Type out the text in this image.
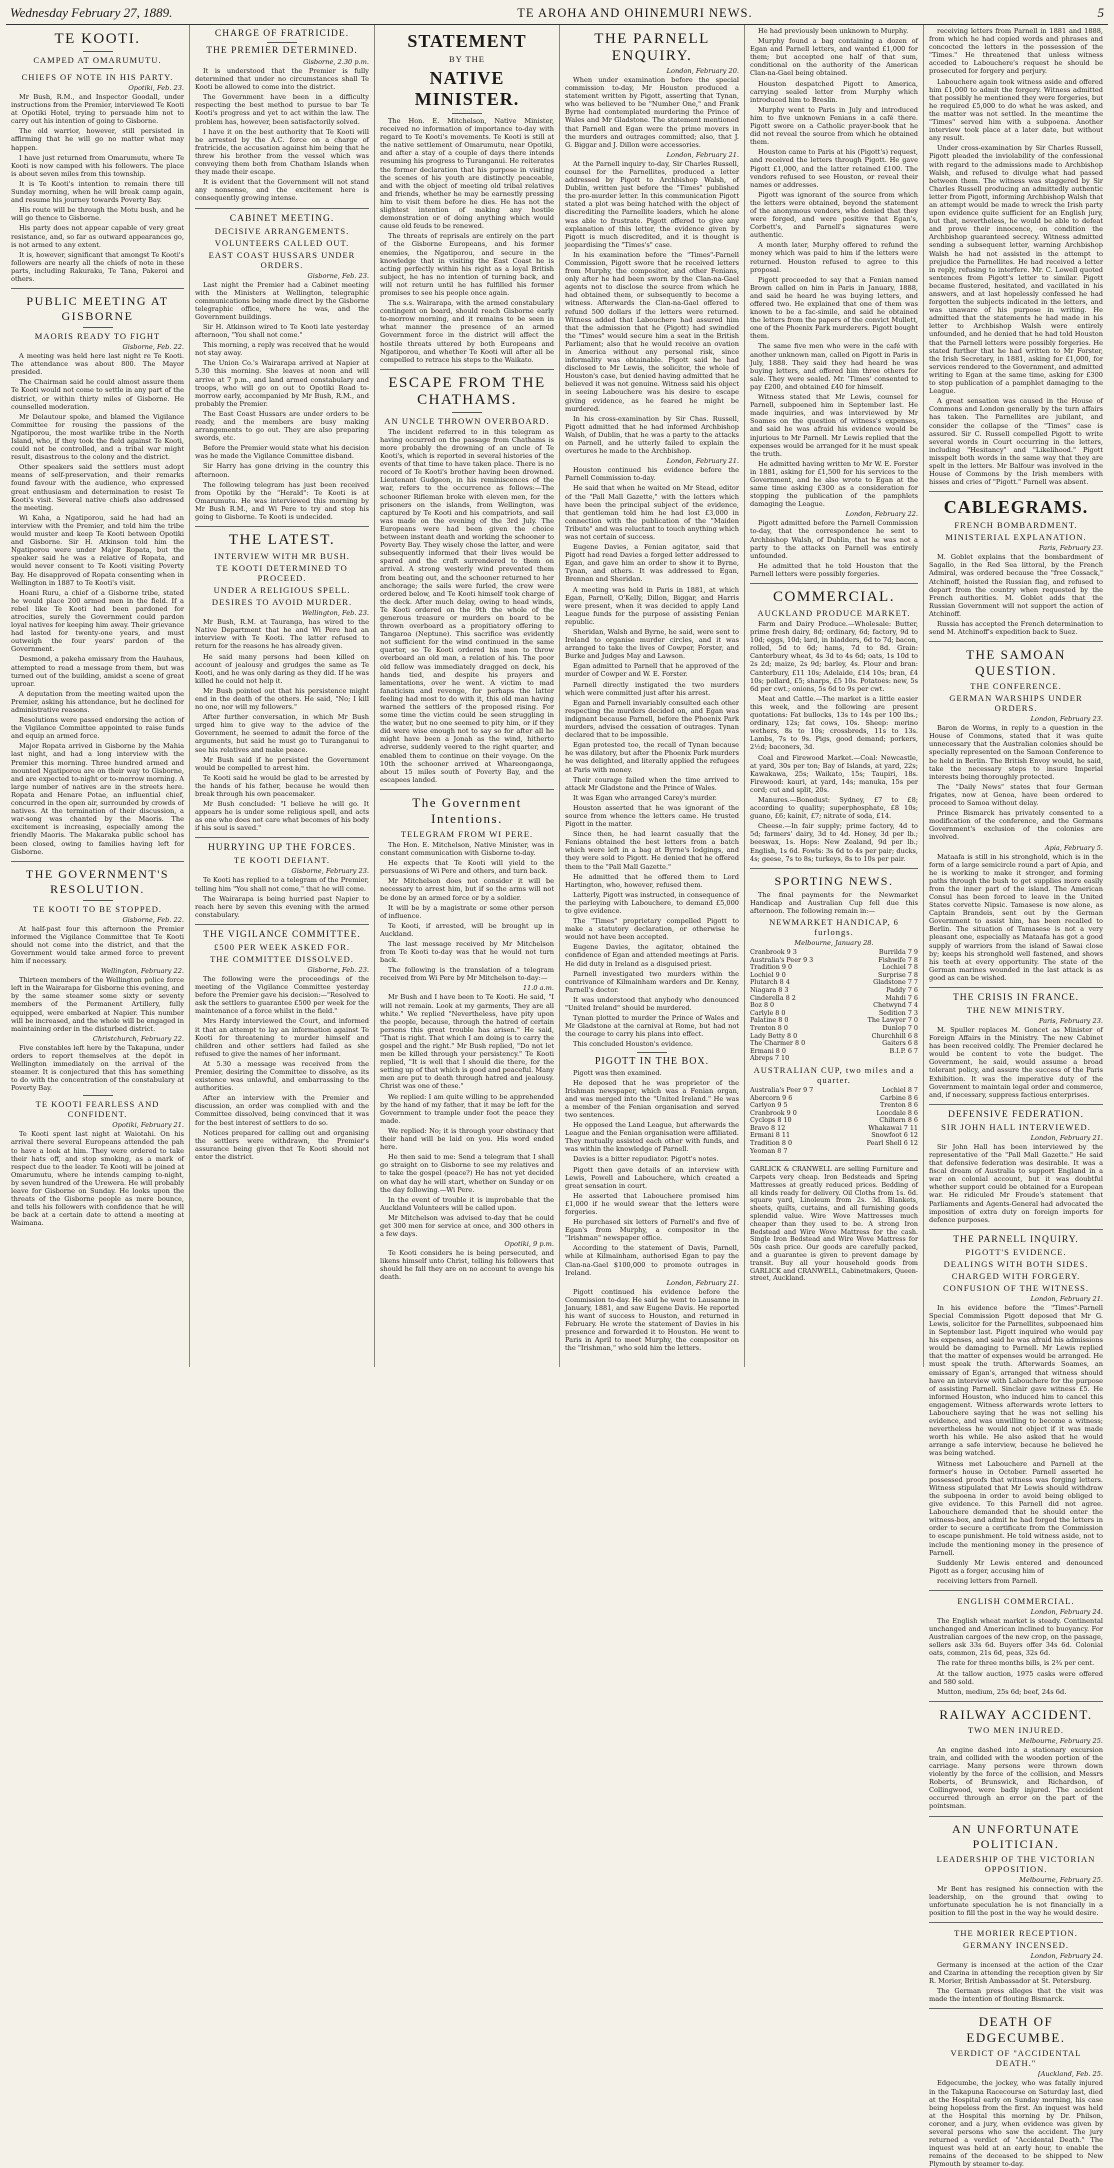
Wednesday February 27, 1889.	TE AROHA AND OHINEMURI NEWS.	5
TE KOOTI.
CAMPED AT OMARUMUTU.
CHIEFS OF NOTE IN HIS PARTY.
Opotiki, Feb. 23.

Mr Bush, R.M., and Inspector Goodall, under instructions from the Premier, interviewed Te Kooti at Opotiki Hotel, trying to persuade him not to carry out his intention of going to Gisborne.

The old warrior, however, still persisted in affirming that he will go no matter what may happen.

I have just returned from Omarumutu, where Te Kooti is now camped with his followers. The place is about seven miles from this township.

It is Te Kooti's intention to remain there till Sunday morning, when he will break camp again, and resume his journey towards Poverty Bay.

His route will be through the Motu bush, and he will go thence to Gisborne.

His party does not appear capable of very great resistance, and, so far as outward appearances go, is not armed to any extent.

It is, however, significant that amongst Te Kooti's followers are nearly all the chiefs of note in these parts, including Rakuraku, Te Tana, Pakeroi and others.

PUBLIC MEETING AT GISBORNE
MAORIS READY TO FIGHT
Gisborne, Feb. 22.

A meeting was held here last night re Te Kooti. The attendance was about 800. The Mayor presided.

The Chairman said he could almost assure them Te Kooti would not come to settle in any part of the district, or within thirty miles of Gisborne. He counselled moderation.

Mr Delautour spoke, and blamed the Vigilance Committee for rousing the passions of the Ngatiporou, the most warlike tribe in the North Island, who, if they took the field against Te Kooti, could not be controlled, and a tribal war might result, disastrous to the colony and the district.

Other speakers said the settlers must adopt means of self-preservation, and their remarks found favour with the audience, who expressed great enthusiasm and determination to resist Te Kooti's visit. Several native chiefs also addressed the meeting.

Wi Kaha, a Ngatiporou, said he had had an interview with the Premier, and told him the tribe would muster and keep Te Kooti between Opotiki and Gisborne. Sir H. Atkinson told him the Ngatiporou were under Major Ropata, but the speaker said he was a relative of Ropata, and would never consent to Te Kooti visiting Poverty Bay. He disapproved of Ropata consenting when in Wellington in 1887 to Te Kooti's visit.

Hoani Ruru, a chief of a Gisborne tribe, stated he would place 200 armed men in the field. If a rebel like Te Kooti had been pardoned for atrocities, surely the Government could pardon loyal natives for keeping him away. Their grievance had lasted for twenty-one years, and must outweigh the four years' pardon of the Government.

Desmond, a pakeha emissary from the Hauhaus, attempted to read a message from them, but was turned out of the building, amidst a scene of great uproar.

A deputation from the meeting waited upon the Premier, asking his attendance, but he declined for administrative reasons.

Resolutions were passed endorsing the action of the Vigilance Committee appointed to raise funds and equip an armed force.

Major Ropata arrived in Gisborne by the Mahia last night, and had a long interview with the Premier this morning. Three hundred armed and mounted Ngatiporou are on their way to Gisborne, and are expected to-night or to-morrow morning. A large number of natives are in the streets here. Ropata and Henare Potae, an influential chief, concurred in the open air, surrounded by crowds of natives. At the termination of their discussion, a war-song was chanted by the Maoris. The excitement is increasing, especially among the friendly Maoris. The Makaraka public school has been closed, owing to families having left for Gisborne.

THE GOVERNMENT'S RESOLUTION.
TE KOOTI TO BE STOPPED.
Gisborne, Feb. 22.

At half-past four this afternoon the Premier informed the Vigilance Committee that Te Kooti should not come into the district, and that the Government would take armed force to prevent him if necessary.

Wellington, February 22.

Thirteen members of the Wellington police force left in the Wairarapa for Gisborne this evening, and by the same steamer some sixty or seventy members of the Permanent Artillery, fully equipped, were embarked at Napier. This number will be increased, and the whole will be engaged in maintaining order in the disturbed district.

Christchurch, February 22.

Five constables left here by the Takapuna, under orders to report themselves at the depôt in Wellington immediately on the arrival of the steamer. It is conjectured that this has something to do with the concentration of the constabulary at Poverty Bay.

TE KOOTI FEARLESS AND CONFIDENT.
Opotiki, February 21.

Te Kooti spent last night at Waiotahi. On his arrival there several Europeans attended the pah to have a look at him. They were ordered to take their hats off, and stop smoking, as a mark of respect due to the leader. Te Kooti will be joined at Omarumutu, where he intends camping to-night, by seven hundred of the Urewera. He will probably leave for Gisborne on Sunday. He looks upon the threats of the Gisborne people as mere bounce, and tells his followers with confidence that he will be back at a certain date to attend a meeting at Waimana.

CHARGE OF FRATRICIDE.
THE PREMIER DETERMINED.
Gisborne, 2.30 p.m.

It is understood that the Premier is fully determined that under no circumstances shall Te Kooti be allowed to come into the district.

The Government have been in a difficulty respecting the best method to pursue to bar Te Kooti's progress and yet to act within the law. The problem has, however, been satisfactorily solved.

I have it on the best authority that Te Kooti will be arrested by the A.C. force on a charge of fratricide, the accusation against him being that he threw his brother from the vessel which was conveying them both from Chatham Islands when they made their escape.

It is evident that the Government will not stand any nonsense, and the excitement here is consequently growing intense.

CABINET MEETING.
DECISIVE ARRANGEMENTS.
VOLUNTEERS CALLED OUT.
EAST COAST HUSSARS UNDER ORDERS.
Gisborne, Feb. 23.

Last night the Premier had a Cabinet meeting with the Ministers at Wellington, telegraphic communications being made direct by the Gisborne telegraphic office, where he was, and the Government buildings.

Sir H. Atkinson wired to Te Kooti late yesterday afternoon, "You shall not come."

This morning, a reply was received that he would not stay away.

The Union Co.'s Wairarapa arrived at Napier at 5.30 this morning. She leaves at noon and will arrive at 7 p.m., and land armed constabulary and troops, who will go on out to Opotiki Road to-morrow early, accompanied by Mr Bush, R.M., and probably the Premier.

The East Coast Hussars are under orders to be ready, and the members are busy making arrangements to go out. They are also preparing swords, etc.

Before the Premier would state what his decision was he made the Vigilance Committee disband.

Sir Harry has gone driving in the country this afternoon.

The following telegram has just been received from Opotiki by the "Herald": Te Kooti is at Omarumutu. He was interviewed this morning by Mr Bush R.M., and Wi Pere to try and stop his going to Gisborne. Te Kooti is undecided.

THE LATEST.
INTERVIEW WITH MR BUSH.
TE KOOTI DETERMINED TO PROCEED.
UNDER A RELIGIOUS SPELL.
DESIRES TO AVOID MURDER.
Wellington, Feb. 23.

Mr Bush, R.M. at Tauranga, has wired to the Native Department that he and Wi Pere had an interview with Te Kooti. The latter refused to return for the reasons he has already given.

He said many persons had been killed on account of jealousy and grudges the same as Te Kooti, and he was only daring as they did. If he was killed he could not help it.

Mr Bush pointed out that his persistence might end in the death of the others. He said, "No; I kill no one, nor will my followers."

After further conversation, in which Mr Bush urged him to give way to the advice of the Government, he seemed to admit the force of the arguments, but said he must go to Turanganui to see his relatives and make peace.

Mr Bush said if he persisted the Government would be compelled to arrest him.

Te Kooti said he would be glad to be arrested by the hands of his father, because he would then break through his own peacemaker.

Mr Bush concluded: "I believe he will go. It appears he is under some religious spell, and acts as one who does not care what becomes of his body if his soul is saved."

HURRYING UP THE FORCES.
TE KOOTI DEFIANT.
Gisborne, February 23.

Te Kooti has replied to a telegram of the Premier, telling him "You shall not come," that he will come.

The Wairarapa is being hurried past Napier to reach here by seven this evening with the armed constabulary.

THE VIGILANCE COMMITTEE.
£500 PER WEEK ASKED FOR.
THE COMMITTEE DISSOLVED.
Gisborne, Feb. 23.

The following were the proceedings of the meeting of the Vigilance Committee yesterday before the Premier gave his decision:—"Resolved to ask the settlers to guarantee £500 per week for the maintenance of a force whilst in the field."

Mrs Hardy interviewed the Court, and informed it that an attempt to lay an information against Te Kooti for threatening to murder himself and children and other settlers had failed as she refused to give the names of her informant.

At 5.30 a message was received from the Premier, desiring the Committee to dissolve, as its existence was unlawful, and embarrassing to the authorities.

After an interview with the Premier and discussion, an order was complied with and the Committee dissolved, being convinced that it was for the best interest of settlers to do so.

Notices prepared for calling out and organising the settlers were withdrawn, the Premier's assurance being given that Te Kooti should not enter the district.

STATEMENT
BY THE
NATIVE MINISTER.

The Hon. E. Mitchelson, Native Minister, received no information of importance to-day with regard to Te Kooti's movements. Te Kooti is still at the native settlement of Omarumutu, near Opotiki, and after a stay of a couple of days there intends resuming his progress to Turanganui. He reiterates the former declaration that his purpose in visiting the scenes of his youth are distinctly peaceable, and with the object of meeting old tribal relatives and friends, whether he may be earnestly pressing him to visit them before he dies. He has not the slightest intention of making any hostile demonstration or of doing anything which would cause old feuds to be renewed.

The threats of reprisals are entirely on the part of the Gisborne Europeans, and his former enemies, the Ngatiporou, and secure in the knowledge that in visiting the East Coast he is acting perfectly within his right as a loyal British subject, he has no intention of turning back, and will not return until he has fulfilled his former promises to see his people once again.

The s.s. Wairarapa, with the armed constabulary contingent on board, should reach Gisborne early to-morrow morning, and it remains to be seen in what manner the presence of an armed Government force in the district will affect the hostile threats uttered by both Europeans and Ngatiporou, and whether Te Kooti will after all be compelled to retrace his steps to the Waikato.

ESCAPE FROM THE CHATHAMS.
AN UNCLE THROWN OVERBOARD.

The incident referred to in this telegram as having occurred on the passage from Chathams is more probably the drowning of an uncle of Te Kooti's, which is reported in several histories of the events of that time to have taken place. There is no record of Te Kooti's brother having been drowned. Lieutenant Gudgeon, in his reminiscences of the war, refers to the occurrence as follows:—The schooner Rifleman broke with eleven men, for the prisoners on the islands, from Wellington, was captured by Te Kooti and his compatriots, and sail was made on the evening of the 3rd July. The Europeans were had been given the choice between instant death and working the schooner to Poverty Bay. They wisely chose the latter, and were subsequently informed that their lives would be spared and the craft surrendered to them on arrival. A strong westerly wind prevented them from beating out, and the schooner returned to her anchorage; the sails were furled, the crew were ordered below, and Te Kooti himself took charge of the deck. After much delay, owing to head winds, Te Kooti ordered on the 9th the whole of the generous treasure or murders on board to be thrown overboard as a propitiatory offering to Tangaroa (Neptune). This sacrifice was evidently not sufficient for the wind continued in the same quarter, so Te Kooti ordered his men to throw overboard an old man, a relation of his. The poor old fellow was immediately dragged on deck, his hands tied, and despite his prayers and lamentations, over he went. A victim to mad fanaticism and revenge, for perhaps the latter feeling had most to do with it, this old man having warned the settlers of the proposed rising. For some time the victim could be seen struggling in the water, but no one seemed to pity him, or if they did were wise enough not to say so for after all he might have been a Jonah as the wind, hitherto adverse, suddenly veered to the right quarter, and enabled them to continue on their voyage. On the 10th the schooner arrived at Whareongaonga, about 15 miles south of Poverty Bay, and the escapees landed.

The Government Intentions.
TELEGRAM FROM WI PERE.

The Hon. E. Mitchelson, Native Minister, was in constant communication with Gisborne to-day.

He expects that Te Kooti will yield to the persuasions of Wi Pere and others, and turn back.

Mr Mitchelson does not consider it will be necessary to arrest him, but if so the arms will not be done by an armed force or by a soldier.

It will be by a magistrate or some other person of influence.

Te Kooti, if arrested, will be brought up in Auckland.

The last message received by Mr Mitchelson from Te Kooti to-day was that he would not turn back.

The following is the translation of a telegram received from Wi Pere by Mr Mitchelson to-day:—

11.0 a.m.

Mr Bush and I have been to Te Kooti. He said, "I will not remain. Look at my garments, They are all white." We replied "Nevertheless, have pity upon the people, because, through the hatred of certain persons this great trouble has arisen." He said, "That is right. That which I am doing is to carry the gospel and the right." Mr Bush replied, "Do not let men be killed through your persistency." Te Kooti replied, "It is well that I should die there, for the setting up of that which is good and peaceful. Many men are put to death through hatred and jealousy. Christ was one of these."

We replied: I am quite willing to be apprehended by the hand of my father, that it may be left for the Government to trample under foot the peace they made.

We replied: No; it is through your obstinacy that their hand will be laid on you. His word ended here.

He then said to me: Send a telegram that I shall go straight on to Gisborne to see my relatives and to take the gospel (peace?) He has not yet decided on what day he will start, whether on Sunday or on the day following.—Wi Pere.

In the event of trouble it is improbable that the Auckland Volunteers will be called upon.

Mr Mitchelson was advised to-day that he could get 300 men for service at once, and 300 others in a few days.

Opotiki, 9 p.m.

Te Kooti considers he is being persecuted, and likens himself unto Christ, telling his followers that should he fall they are on no account to avenge his death.

THE PARNELL ENQUIRY.
London, February 20.

When under examination before the special commission to-day, Mr Houston produced a statement written by Pigott, asserting that Tynan, who was believed to be "Number One," and Frank Byrne had contemplated murdering the Prince of Wales and Mr Gladstone. The statement mentioned that Parnell and Egan were the prime movers in the murders and outrages committed; also, that J. G. Biggar and J. Dillon were accessories.

London, February 21.

At the Parnell inquiry to-day, Sir Charles Russell, counsel for the Parnellites, produced a letter addressed by Pigott to Archbishop Walsh, of Dublin, written just before the "Times" published the pro-murder letter. In this communication Pigott stated a plot was being hatched with the object of discrediting the Parnellite leaders, which he alone was able to frustrate. Pigott offered to give any explanation of this letter, the evidence given by Pigott is much discredited, and it is thought is jeopardising the "Times's" case.

In his examination before the "Times"-Parnell Commission, Pigott swore that he received letters from Murphy, the compositor, and other Fenians, only after he had been sworn by the Clan-na-Gael agents not to disclose the source from which he had obtained them, or subsequently to become a witness. Afterwards the Clan-na-Gael offered to refund 500 dollars if the letters were returned. Witness added that Labouchere had assured him that the admission that he (Pigott) had swindled the "Times" would secure him a seat in the British Parliament; also that he would receive an ovation in America without any personal risk, since informality was obtainable. Pigott said he had disclosed to Mr Lewis, the solicitor, the whole of Houston's case, but denied having admitted that he believed it was not genuine. Witness said his object in seeing Labouchere was his desire to escape giving evidence, as he feared he might be murdered.

In his cross-examination by Sir Chas. Russell, Pigott admitted that he had informed Archbishop Walsh, of Dublin, that he was a party to the attacks on Parnell, and he utterly failed to explain the overtures he made to the Archbishop.

London, February 21.

Houston continued his evidence before the Parnell Commission to-day.

He said that when he waited on Mr Stead, editor of the "Pall Mall Gazette," with the letters which have been the principal subject of the evidence, that gentleman told him he had lost £3,000 in connection with the publication of the "Maiden Tribute" and was reluctant to touch anything which was not certain of success.

Eugene Davies, a Fenian agitator, said that Pigott had read Davies a forged letter addressed to Egan, and gave him an order to show it to Byrne, Tynan, and others. It was addressed to Egan, Brennan and Sheridan.

A meeting was held in Paris in 1881, at which Egan, Parnell, O'Kelly, Dillon, Biggar, and Harris were present, when it was decided to apply Land League funds for the purpose of assisting Fenian republic.

Sheridan, Walsh and Byrne, he said, were sent to Ireland to organise murder circles, and it was arranged to take the lives of Cowper, Forster, and Burke and Judges May and Lawson.

Egan admitted to Parnell that he approved of the murder of Cowper and W. E. Forster.

Parnell directly instigated the two murders which were committed just after his arrest.

Egan and Parnell invariably consulted each other respecting the murders decided on, and Egan was indignant because Parnell, before the Phoenix Park murders, advised the cessation of outrages. Tynan declared that to be impossible.

Egan protested too, the recall of Tynan because he was dilatory, but after the Phoenix Park murders he was delighted, and literally applied the refugees at Paris with money.

Their courage failed when the time arrived to attack Mr Gladstone and the Prince of Wales.

It was Egan who arranged Carey's murder.

Houston asserted that he was ignorant of the source from whence the letters came. He trusted Pigott in the matter.

Since then, he had learnt casually that the Fenians obtained the best letters from a batch which were left in a bag at Byrne's lodgings, and they were sold to Pigott. He denied that he offered them to the "Pall Mall Gazette."

He admitted that he offered them to Lord Hartington, who, however, refused them.

Latterly, Pigott was instructed, in consequence of the parleying with Labouchere, to demand £5,000 to give evidence.

The "Times" proprietary compelled Pigott to make a statutory declaration, or otherwise he would not have been accepted.

Eugene Davies, the agitator, obtained the confidence of Egan and attended meetings at Paris. He did duty in Ireland as a disguised priest.

Parnell investigated two murders within the contrivance of Kilmainham warders and Dr. Kenny, Parnell's doctor.

It was understood that anybody who denounced "United Ireland" should be murdered.

Tynan plotted to murder the Prince of Wales and Mr Gladstone at the carnival at Rome, but had not the courage to carry his plans into effect.

This concluded Houston's evidence.

PIGOTT IN THE BOX.

Pigott was then examined.

He deposed that he was proprietor of the Irishman newspaper, which was a Fenian organ, and was merged into the "United Ireland." He was a member of the Fenian organisation and served two sentences.

He opposed the Land League, but afterwards the League and the Fenian organisation were affiliated. They mutually assisted each other with funds, and was within the knowledge of Parnell.

Davies is a bitter repudiator. Pigott's notes.

Pigott then gave details of an interview with Lewis, Powell and Labouchere, which created a great sensation in court.

He asserted that Labouchere promised him £1,000 if he would swear that the letters were forgeries.

He purchased six letters of Parnell's and five of Egan's from Murphy, a compositor in the "Irishman" newspaper office.

According to the statement of Davis, Parnell, while at Kilmainham, authorised Egan to pay the Clan-na-Gael $100,000 to promote outrages in Ireland.

London, February 21.

Pigott continued his evidence before the Commission to-day. He said he went to Lausanne in January, 1881, and saw Eugene Davis. He reported his want of success to Houston, and returned in February. He wrote the statement of Davies in his presence and forwarded it to Houston. He went to Paris in April to meet Murphy, the compositor on the "Irishman," who sold him the letters.

He had previously been unknown to Murphy.

Murphy found a bag containing a dozen of Egan and Parnell letters, and wanted £1,000 for them; but accepted one half of that sum, conditional on the authority of the American Clan-na-Gael being obtained.

Houston despatched Pigott to America, carrying sealed letter from Murphy which introduced him to Breslin.

Murphy went to Paris in July and introduced him to five unknown Fenians in a café there. Pigott swore on a Catholic prayer-book that he did not reveal the source from which he obtained them.

Houston came to Paris at his (Pigott's) request, and received the letters through Pigott. He gave Pigott £1,000, and the latter retained £100. The vendors refused to see Houston, or reveal their names or addresses.

Pigott was ignorant of the source from which the letters were obtained, beyond the statement of the anonymous vendors, who denied that they were forged, and were positive that Egan's, Corbett's, and Parnell's signatures were authentic.

A month later, Murphy offered to refund the money which was paid to him if the letters were returned. Houston refused to agree to this proposal.

Pigott proceeded to say that a Fenian named Brown called on him in Paris in January, 1888, and said he heard he was buying letters, and offered two. He explained that one of them was known to be a fac-simile, and said he obtained the letters from the papers of the convict Mullett, one of the Phoenix Park murderers. Pigott bought them.

The same five men who were in the café with another unknown man, called on Pigott in Paris in July, 1888. They said they had heard he was buying letters, and offered him three others for sale. They were sealed. Mr. 'Times' consented to pay £200, and obtained £40 for himself.

Witness stated that Mr Lewis, counsel for Parnell, subpoened him in September last. He made inquiries, and was interviewed by Mr Soames on the question of witness's expenses, and said he was afraid his evidence would be injurious to Mr Parnell. Mr Lewis replied that the expenses would be arranged for it he must speak the truth.

He admitted having written to Mr W. E. Forster in 1881, asking for £1,500 for his services to the Government, and he also wrote to Egan at the same time asking £300 as a consideration for stopping the publication of the pamphlets damaging the League.

London, February 22.

Pigott admitted before the Parnell Commission to-day, that the correspondence he sent to Archbishop Walsh, of Dublin, that he was not a party to the attacks on Parnell was entirely unfounded.

He admitted that he told Houston that the Parnell letters were possibly forgeries.

COMMERCIAL.
AUCKLAND PRODUCE MARKET.

Farm and Dairy Produce.—Wholesale: Butter, prime fresh dairy, 8d; ordinary, 6d; factory, 9d to 10d; eggs, 10d; lard, in bladders, 6d to 7d; bacon, rolled, 5d to 6d; hams, 7d to 8d. Grain: Canterbury wheat, 4s 3d to 4s 6d; oats, 1s 10d to 2s 2d; maize, 2s 9d; barley, 4s. Flour and bran: Canterbury, £11 10s; Adelaide, £14 10s; bran, £4 10s; pollard, £5; sharps, £5 10s. Potatoes: new, 5s 6d per cwt.; onions, 5s 6d to 9s per cwt.

Meat and Cattle.—The market is a little easier this week, and the following are present quotations: Fat bullocks, 13s to 14s per 100 lbs.; ordinary, 12s; fat cows, 10s. Sheep: merino wethers, 8s to 10s; crossbreds, 11s to 13s. Lambs, 7s to 9s. Pigs, good demand; porkers, 2½d; baconers, 3d.

Coal and Firewood Market.—Coal: Newcastle, at yard, 30s per ton; Bay of Islands, at yard, 22s; Kawakawa, 25s; Waikato, 15s; Taupiri, 18s. Firewood: kauri, at yard, 14s; manuka, 15s per cord; cut and split, 20s.

Manures.—Bonedust: Sydney, £7 to £8; according to quality; superphosphate, £8 10s; guano, £6; kainit, £7; nitrate of soda, £14.

Cheese.—In fair supply; prime factory, 4d to 5d; farmers' dairy, 3d to 4d. Honey, 3d per lb.; beeswax, 1s. Hops: New Zealand, 9d per lb.; English, 1s 6d. Fowls: 3s 6d to 4s per pair; ducks, 4s; geese, 7s to 8s; turkeys, 8s to 10s per pair.

SPORTING NEWS.

The final payments for the Newmarket Handicap and Australian Cup fell due this afternoon. The following remain in:—

NEWMARKET HANDICAP, 6 furlongs.
Melbourne, January 28.
Cranbrook 9 3	Burrilda 7 9
Australia's Peer 9 3	Fishwife 7 8
Tradition 9 0	Lochiel 7 8
Lochiel 9 0	Surprise 7 8
Plutarch 8 4	Gladstone 7 7
Niagara 8 3	Paddy 7 6
Cinderella 8 2	Mahdi 7 6
Boz 8 0	Chetwynd 7 4
Carlyle 8 0	Sedition 7 3
Palatine 8 0	The Lawyer 7 0
Trenton 8 0	Dunlop 7 0
Lady Betty 8 0	Churchhill 6 8
The Charmer 8 0	Gaiters 6 8
Ermani 8 0	B.I.P. 6 7
Abreps 7 10
AUSTRALIAN CUP, two miles and a quarter.
Australia's Peer 9 7	Lochiel 8 7
Abercorn 9 6	Carbine 8 6
Carlyon 9 5	Trenton 8 6
Cranbrook 9 0	Loocdale 8 6
Cyclops 8 10	Chiltern 8 6
Bravo 8 12	Whakawai 7 11
Ermani 8 11	Snowfoot 6 12
Tradition 8 0	Pearl Shell 6 12
Yeoman 8 7
GARLICK & CRANWELL are selling Furniture and Carpets very cheap. Iron Bedsteads and Spring Mattresses at greatly reduced prices. Bedding of all kinds ready for delivery. Oil Cloths from 1s. 6d. square yard, Linoleum from 2s. 3d. Blankets, sheets, quilts, curtains, and all furnishing goods splendid value. Wire Wove Mattresses much cheaper than they used to be. A strong Iron Bedstead and Wire Wove Mattress for the cash. Single Iron Bedstead and Wire Wove Mattress for 50s cash price. Our goods are carefully packed, and a guarantee is given to prevent damage by transit. Buy all your household goods from GARLICK and CRANWELL, Cabinetmakers, Queen-street, Auckland.

receiving letters from Parnell in 1881 and 1888, from which he had copied words and phrases and concocted the letters in the possession of the "Times." He threatened that unless witness acceded to Labouchere's request he should be prosecuted for forgery and perjury.

Labouchere again took witness aside and offered him £1,000 to admit the forgery. Witness admitted that possibly he mentioned they were forgeries, but he required £5,000 to do what he was asked, and the matter was not settled. In the meantime the "Times" served him with a subpoena. Another interview took place at a later date, but without any result.

Under cross-examination by Sir Charles Russell, Pigott pleaded the inviolability of the confessional with regard to the admissions made to Archbishop Walsh, and refused to divulge what had passed between them. The witness was staggered by Sir Charles Russell producing an admittedly authentic letter from Pigott, informing Archbishop Walsh that an attempt would be made to wreck the Irish party upon evidence quite sufficient for an English jury, but that, nevertheless, he would be able to defeat and prove their innocence, on condition the Archbishop guaranteed secrecy. Witness admitted sending a subsequent letter, warning Archbishop Walsh he had not assisted in the attempt to prejudice the Parnellites. He had received a letter in reply, refusing to interfere. Mr. C. Lowell quoted sentences from Pigott's letter to similar. Pigott became flustered, hesitated, and vacillated in his answers, and at last hopelessly confessed he had forgotten the subjects indicated in the letters, and was unaware of his purpose in writing. He admitted that the statements he had made in his letter to Archbishop Walsh were entirely unfounded, and he denied that he had told Houston that the Parnell letters were possibly forgeries. He stated further that he had written to Mr Forster, the Irish Secretary, in 1881, asking for £1,000, for services rendered to the Government, and admitted writing to Egan at the same time, asking for £300 to stop publication of a pamphlet damaging to the League.

A great sensation was caused in the House of Commons and London generally by the turn affairs has taken. The Parnellites are jubilant, and consider the collapse of the "Times" case is assured. Sir C. Russell compelled Pigott to write several words in Court occurring in the letters, including "Hesitancy" and "Likelihood." Pigott misspelt both words in the same way that they are spelt in the letters. Mr Balfour was involved in the House of Commons by the Irish members with hisses and cries of "Pigott." Parnell was absent.

CABLEGRAMS.
FRENCH BOMBARDMENT.
MINISTERIAL EXPLANATION.
Paris, February 23.

M. Goblet explains that the bombardment of Sagallo, in the Red Sea littoral, by the French Admiral, was ordered because the "free Cossack," Atchinoff, hoisted the Russian flag, and refused to depart from the country when requested by the French authorities. M. Goblet adds that the Russian Government will not support the action of Atchinoff.

Russia has accepted the French determination to send M. Atchinoff's expedition back to Suez.

THE SAMOAN QUESTION.
THE CONFERENCE.
GERMAN WARSHIPS UNDER ORDERS.
London, February 23.

Baron de Worms, in reply to a question in the House of Commons, stated that it was quite unnecessary that the Australian colonies should be specially represented on the Samoan Conference to be held in Berlin. The British Envoy would, he said, take the necessary steps to insure Imperial interests being thoroughly protected.

The "Daily News" states that four German frigates, now at Genoa, have been ordered to proceed to Samoa without delay.

Prince Bismarck has privately consented to a modification of the conference, and the Germans Government's exclusion of the colonies are involved.

Apia, February 5.

Mataafa is still in his stronghold, which is in the form of a large semicircle round a part of Apia, and he is working to make it stronger, and forming paths through the bush to get supplies more easily from the inner part of the island. The American Consul has been forced to leave in the United States corvette Nipsic. Tamasese is now alone, as Captain Brandeis, sent out by the German Government to assist him, has been recalled to Berlin. The situation of Tamasese is not a very pleasant one, especially as Mataafa has got a good supply of warriors from the island of Sawai close by; keeps his stronghold well fastened, and shows his teeth at every opportunity. The state of the German marines wounded in the last attack is as good as can be wished.

THE CRISIS IN FRANCE.
THE NEW MINISTRY.
Paris, February 23.

M. Spuller replaces M. Goncet as Minister of Foreign Affairs in the Ministry. The new Cabinet has been received coldly. The Premier declared he would be content to vote the budget. The Government, he said, would assume a broad tolerant policy, and assure the success of the Paris Exhibition. It was the imperative duty of the Government to maintain legal order and commerce, and, if necessary, suppress factious enterprises.

DEFENSIVE FEDERATION.
SIR JOHN HALL INTERVIEWED.
London, February 21.

Sir John Hall has been interviewed by the representative of the "Pall Mall Gazette." He said that defensive federation was desirable. It was a fiscal dream of Australia to support England in a war on colonial account, but it was doubtful whether support could be obtained for a European war. He ridiculed Mr Froude's statement that Parliaments and Agents-General had advocated the imposition of extra duty on foreign imports for defence purposes.

THE PARNELL INQUIRY.
PIGOTT'S EVIDENCE.
DEALINGS WITH BOTH SIDES.
CHARGED WITH FORGERY.
CONFUSION OF THE WITNESS.
London, February 21.

In his evidence before the "Times"-Parnell Special Commission Pigott deposed that Mr G. Lewis, solicitor for the Parnellites, subpoenaed him in September last. Pigott inquired who would pay his expenses, and said he was afraid his admissions would be damaging to Parnell. Mr Lewis replied that the matter of expenses would be arranged. He must speak the truth. Afterwards Soames, an emissary of Egan's, arranged that witness should have an interview with Labouchere for the purpose of assisting Parnell. Sinclair gave witness £5. He informed Houston, who induced him to cancel this engagement. Witness afterwards wrote letters to Labouchere saying that he was not selling his evidence, and was unwilling to become a witness; nevertheless he would not object if it was made worth his while. He also asked that he would arrange a safe interview, because he believed he was being watched.

Witness met Labouchere and Parnell at the former's house in October. Parnell asserted he possessed proofs that witness was forging letters. Witness stipulated that Mr Lewis should withdraw the subpoena in order to avoid being obliged to give evidence. To this Parnell did not agree. Labouchere demanded that he should enter the witness-box, and admit he had forged the letters in order to secure a certificate from the Commission to escape punishment. He told witness aside, not to include the mentioning money in the presence of Parnell.

Suddenly Mr Lewis entered and denounced Pigott as a forger, accusing him of

receiving letters from Parnell.

ENGLISH COMMERCIAL.
London, February 24.

The English wheat market is steady. Continental unchanged and American inclined to buoyancy. For Australian cargoes of the new crop, on the passage, sellers ask 33s 6d. Buyers offer 34s 6d. Colonial oats, common, 21s 6d, peas, 32s 6d.

The rate for three months bills, is 2¾ per cent.

At the tallow auction, 1975 casks were offered and 580 sold.

Mutton, medium, 25s 6d; beef, 24s 6d.

RAILWAY ACCIDENT.
TWO MEN INJURED.
Melbourne, February 25.

An engine dashed into a stationary excursion train, and collided with the wooden portion of the carriage. Many persons were thrown down violently by the force of the collision, and Messrs Roberts, of Brunswick, and Richardson, of Collingwood, were badly injured. The accident occurred through an error on the part of the pointsman.

AN UNFORTUNATE POLITICIAN.
LEADERSHIP OF THE VICTORIAN OPPOSITION.
Melbourne, February 25.

Mr Bent has resigned his connection with the leadership, on the ground that owing to unfortunate speculation he is not financially in a position to fill the post in the way he would desire.

THE MORIER RECEPTION.
GERMANY INCENSED.
London, February 24.

Germany is incensed at the action of the Czar and Czarina in attending the reception given by Sir R. Morier, British Ambassador at St. Petersburg.

The German press alleges that the visit was made the intention of flouting Bismarck.

DEATH OF EDGECUMBE.
VERDICT OF "ACCIDENTAL DEATH."
[Auckland, Feb. 25.

Edgecumbe, the jockey, who was fatally injured in the Takapuna Racecourse on Saturday last, died at the Hospital early on Sunday morning, his case being hopeless from the first. An inquest was held at the Hospital this morning by Dr. Philson, coroner, and a jury, when evidence was given by several persons who saw the accident. The jury returned a verdict of "Accidental Death." The inquest was held at an early hour, to enable the remains of the deceased to be shipped to New Plymouth by steamer to-day.
